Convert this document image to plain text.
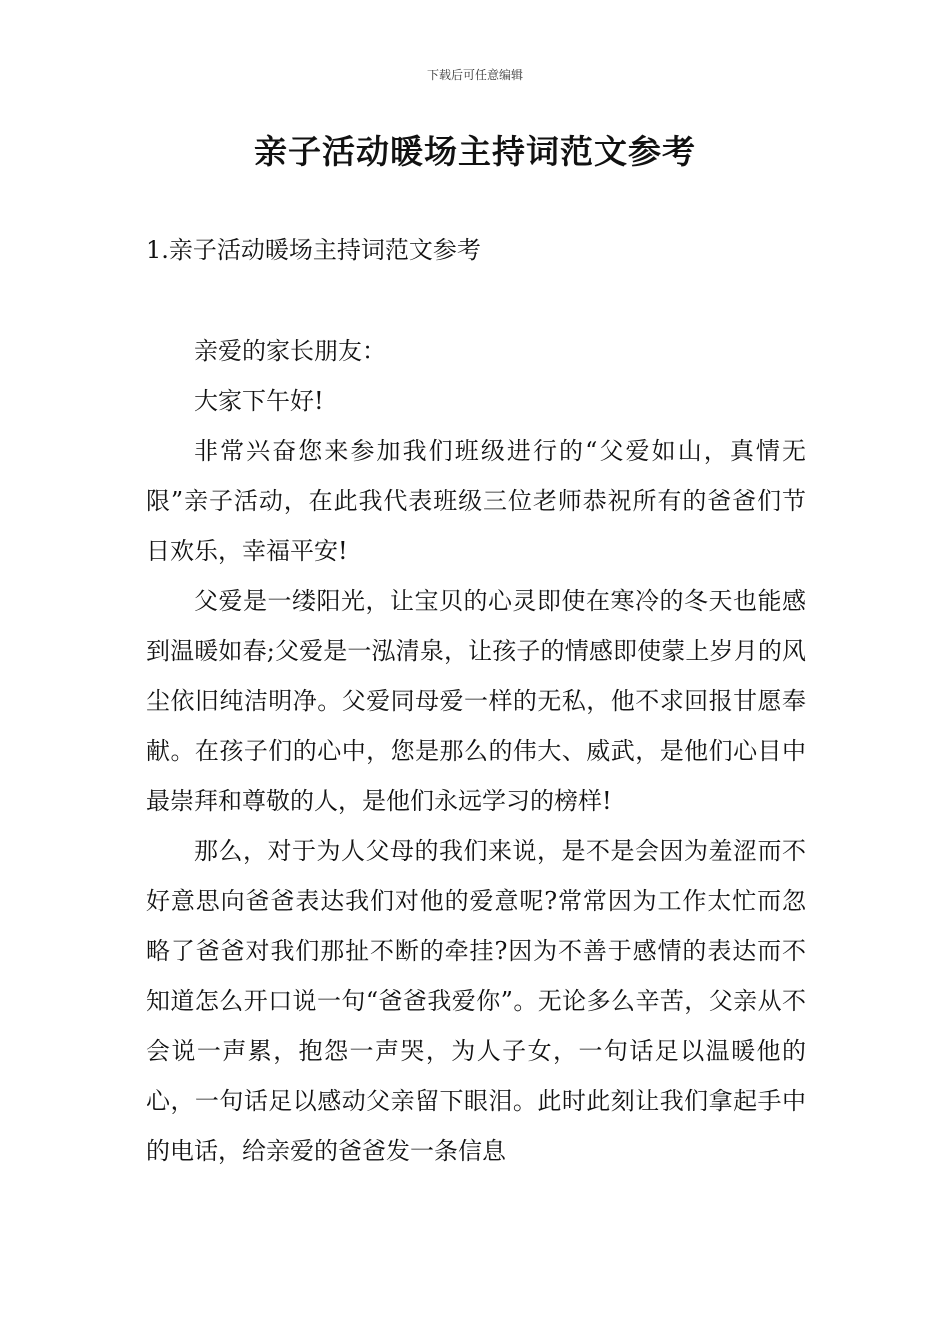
下载后可任意编辑
亲子活动暖场主持词范文参考
1.亲子活动暖场主持词范文参考

亲爱的家长朋友：

大家下午好!

非常兴奋您来参加我们班级进行的“父爱如山，真情无限”亲子活动，在此我代表班级三位老师恭祝所有的爸爸们节日欢乐，幸福平安!

父爱是一缕阳光，让宝贝的心灵即使在寒冷的冬天也能感到温暖如春;父爱是一泓清泉，让孩子的情感即使蒙上岁月的风尘依旧纯洁明净。父爱同母爱一样的无私，他不求回报甘愿奉献。在孩子们的心中，您是那么的伟大、威武，是他们心目中最崇拜和尊敬的人，是他们永远学习的榜样!

那么，对于为人父母的我们来说，是不是会因为羞涩而不好意思向爸爸表达我们对他的爱意呢?常常因为工作太忙而忽略了爸爸对我们那扯不断的牵挂?因为不善于感情的表达而不知道怎么开口说一句“爸爸我爱你”。无论多么辛苦，父亲从不会说一声累，抱怨一声哭，为人子女，一句话足以温暖他的心，一句话足以感动父亲留下眼泪。此时此刻让我们拿起手中的电话，给亲爱的爸爸发一条信息
